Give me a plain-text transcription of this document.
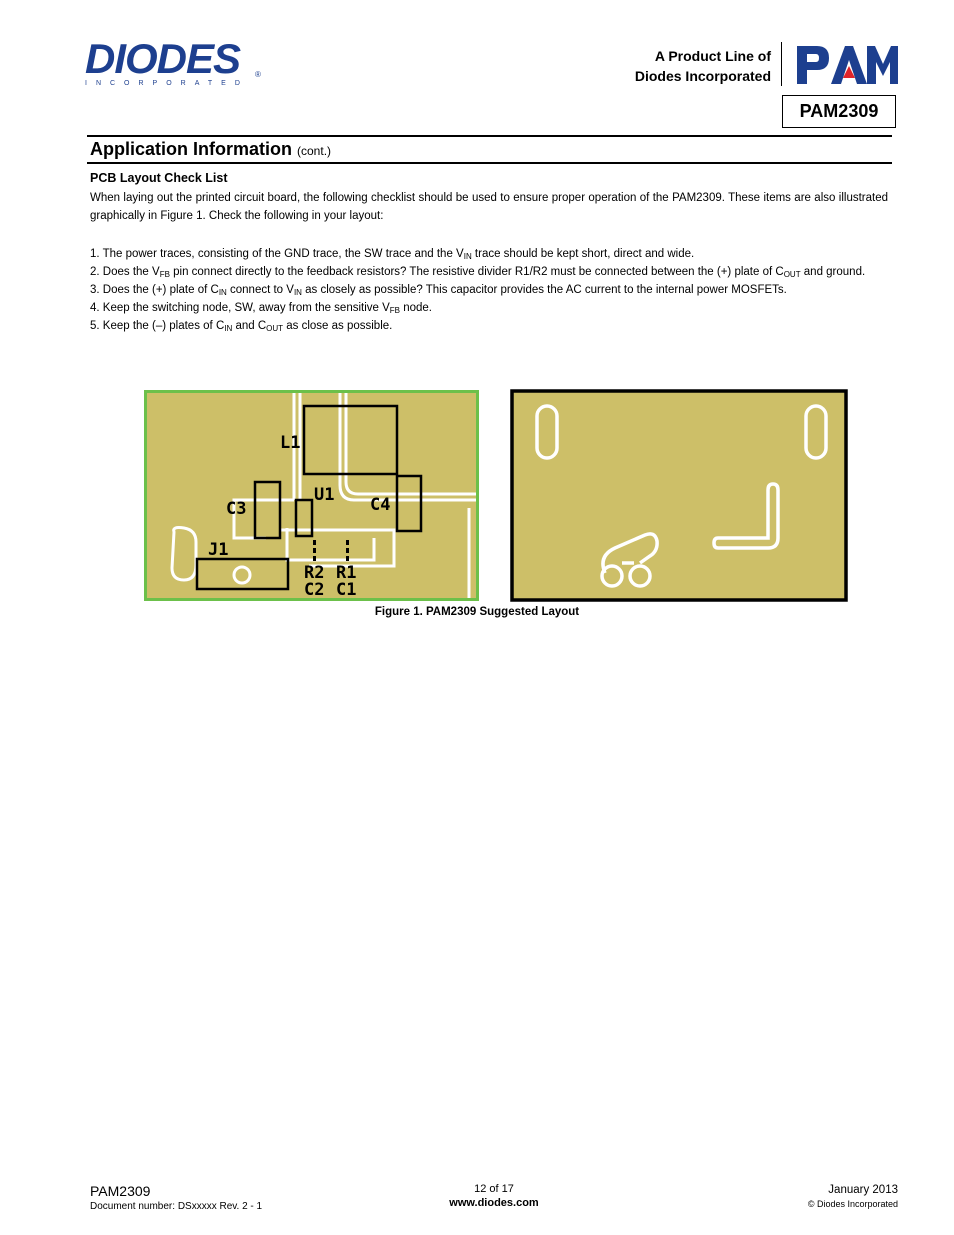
DIODES
INCORPORATED
®
A Product Line of
Diodes Incorporated
PAM
PAM2309
Application Information (cont.)
PCB Layout Check List
When laying out the printed circuit board, the following checklist should be used to ensure proper operation of the PAM2309. These items are also illustrated graphically in Figure 1. Check the following in your layout:
1. The power traces, consisting of the GND trace, the SW trace and the $V_{IN}$ trace should be kept short, direct and wide.
2. Does the $V_{FB}$ pin connect directly to the feedback resistors? The resistive divider R1/R2 must be connected between the (+) plate of $C_{OUT}$ and ground.
3. Does the (+) plate of $C_{IN}$ connect to $V_{IN}$ as closely as possible? This capacitor provides the AC current to the internal power MOSFETs.
4. Keep the switching node, SW, away from the sensitive $V_{FB}$ node.
5. Keep the (–) plates of $C_{IN}$ and $C_{OUT}$ as close as possible.
L1
U1
C3	C4
J1
R2 R1
C2 C1
Figure 1. PAM2309 Suggested Layout
PAM2309
Document number: DSxxxxx Rev. 2 - 1
12 of 17
www.diodes.com
January 2013
© Diodes Incorporated
